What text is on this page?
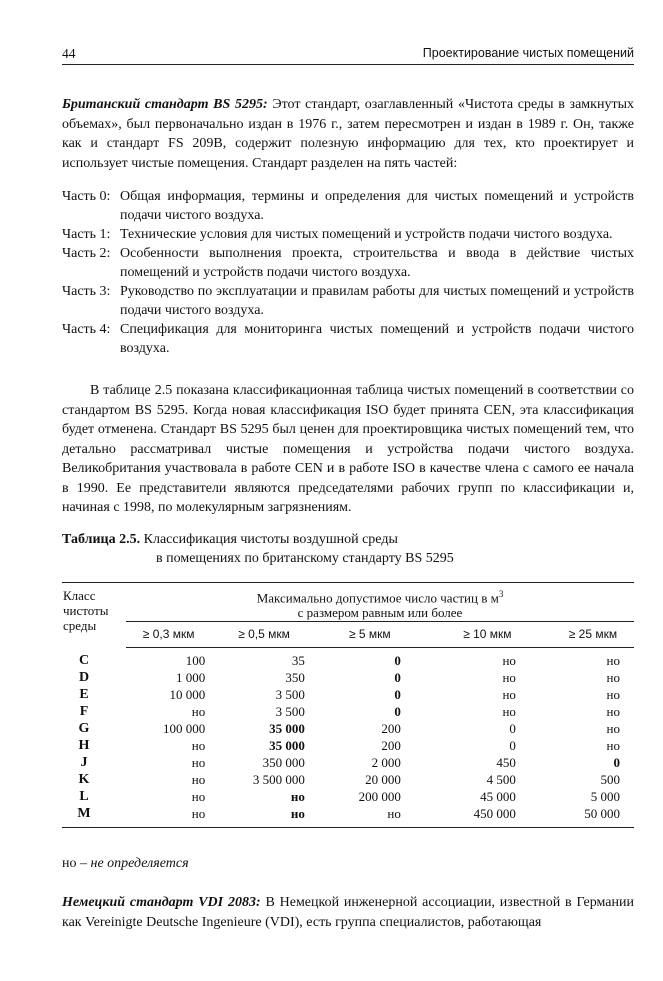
44	Проектирование чистых помещений

Британский стандарт BS 5295: Этот стандарт, озаглавленный «Чистота среды в замкнутых объемах», был первоначально издан в 1976 г., затем пересмотрен и издан в 1989 г. Он, также как и стандарт FS 209B, содержит полезную информацию для тех, кто проектирует и использует чистые помещения. Стандарт разделен на пять частей:

Часть 0: Общая информация, термины и определения для чистых помещений и устройств подачи чистого воздуха.
Часть 1: Технические условия для чистых помещений и устройств подачи чистого воздуха.
Часть 2: Особенности выполнения проекта, строительства и ввода в действие чистых помещений и устройств подачи чистого воздуха.
Часть 3: Руководство по эксплуатации и правилам работы для чистых помещений и устройств подачи чистого воздуха.
Часть 4: Спецификация для мониторинга чистых помещений и устройств подачи чистого воздуха.

В таблице 2.5 показана классификационная таблица чистых помещений в соответствии со стандартом BS 5295. Когда новая классификация ISO будет принята CEN, эта классификация будет отменена. Стандарт BS 5295 был ценен для проектировщика чистых помещений тем, что детально рассматривал чистые помещения и устройства подачи чистого воздуха. Великобритания участвовала в работе CEN и в работе ISO в качестве члена с самого ее начала в 1990. Ее представители являются председателями рабочих групп по классификации и, начиная с 1998, по молекулярным загрязнениям.

Таблица 2.5. Классификация чистоты воздушной среды
в помещениях по британскому стандарту BS 5295
Класс чистоты среды	Максимально допустимое число частиц в $м^3$
с размером равным или более				
	≥ 0,3 мкм	≥ 0,5 мкм	≥ 5 мкм	≥ 10 мкм	≥ 25 мкм
C	100	35	0	но	но
D	1 000	350	0	но	но
E	10 000	3 500	0	но	но
F	но	3 500	0	но	но
G	100 000	35 000	200	0	но
H	но	35 000	200	0	но
J	но	350 000	2 000	450	0
K	но	3 500 000	20 000	4 500	500
L	но	но	200 000	45 000	5 000
M	но	но	но	450 000	50 000
но – не определяется

Немецкий стандарт VDI 2083: В Немецкой инженерной ассоциации, известной в Германии как Vereinigte Deutsche Ingenieure (VDI), есть группа специалистов, работающая
